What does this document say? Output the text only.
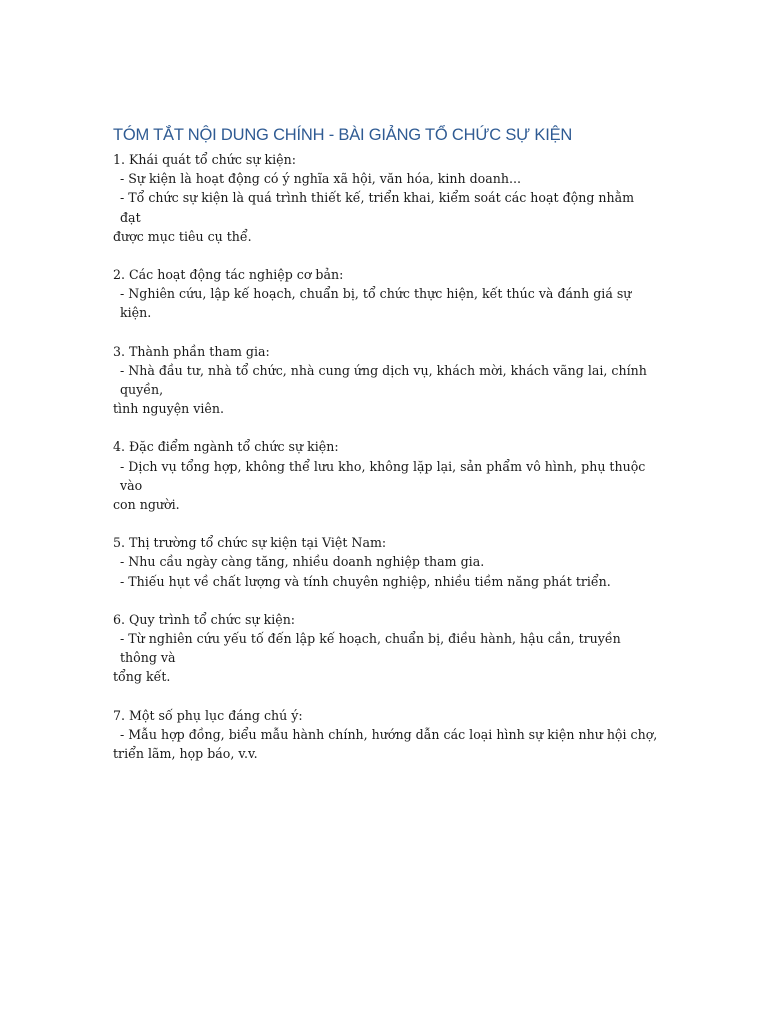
TÓM TẮT NỘI DUNG CHÍNH - BÀI GIẢNG TỔ CHỨC SỰ KIỆN

1. Khái quát tổ chức sự kiện:

- Sự kiện là hoạt động có ý nghĩa xã hội, văn hóa, kinh doanh...

- Tổ chức sự kiện là quá trình thiết kế, triển khai, kiểm soát các hoạt động nhằm đạt

được mục tiêu cụ thể.

2. Các hoạt động tác nghiệp cơ bản:

- Nghiên cứu, lập kế hoạch, chuẩn bị, tổ chức thực hiện, kết thúc và đánh giá sự kiện.

3. Thành phần tham gia:

- Nhà đầu tư, nhà tổ chức, nhà cung ứng dịch vụ, khách mời, khách vãng lai, chính quyền,

tình nguyện viên.

4. Đặc điểm ngành tổ chức sự kiện:

- Dịch vụ tổng hợp, không thể lưu kho, không lặp lại, sản phẩm vô hình, phụ thuộc vào

con người.

5. Thị trường tổ chức sự kiện tại Việt Nam:

- Nhu cầu ngày càng tăng, nhiều doanh nghiệp tham gia.

- Thiếu hụt về chất lượng và tính chuyên nghiệp, nhiều tiềm năng phát triển.

6. Quy trình tổ chức sự kiện:

- Từ nghiên cứu yếu tố đến lập kế hoạch, chuẩn bị, điều hành, hậu cần, truyền thông và

tổng kết.

7. Một số phụ lục đáng chú ý:

- Mẫu hợp đồng, biểu mẫu hành chính, hướng dẫn các loại hình sự kiện như hội chợ,

triển lãm, họp báo, v.v.
